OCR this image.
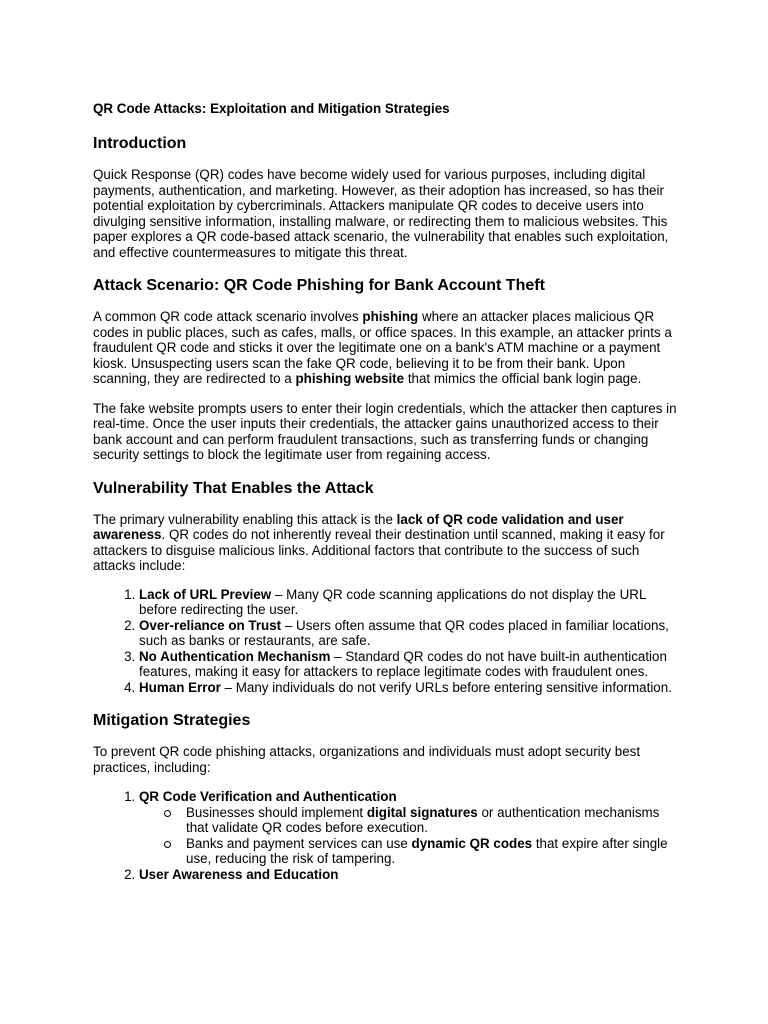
QR Code Attacks: Exploitation and Mitigation Strategies
Introduction

Quick Response (QR) codes have become widely used for various purposes, including digital payments, authentication, and marketing. However, as their adoption has increased, so has their potential exploitation by cybercriminals. Attackers manipulate QR codes to deceive users into divulging sensitive information, installing malware, or redirecting them to malicious websites. This paper explores a QR code-based attack scenario, the vulnerability that enables such exploitation, and effective countermeasures to mitigate this threat.

Attack Scenario: QR Code Phishing for Bank Account Theft

A common QR code attack scenario involves phishing where an attacker places malicious QR codes in public places, such as cafes, malls, or office spaces. In this example, an attacker prints a fraudulent QR code and sticks it over the legitimate one on a bank's ATM machine or a payment kiosk. Unsuspecting users scan the fake QR code, believing it to be from their bank. Upon scanning, they are redirected to a phishing website that mimics the official bank login page.

The fake website prompts users to enter their login credentials, which the attacker then captures in real-time. Once the user inputs their credentials, the attacker gains unauthorized access to their bank account and can perform fraudulent transactions, such as transferring funds or changing security settings to block the legitimate user from regaining access.

Vulnerability That Enables the Attack

The primary vulnerability enabling this attack is the lack of QR code validation and user awareness. QR codes do not inherently reveal their destination until scanned, making it easy for attackers to disguise malicious links. Additional factors that contribute to the success of such attacks include:

1. Lack of URL Preview – Many QR code scanning applications do not display the URL before redirecting the user.
2. Over-reliance on Trust – Users often assume that QR codes placed in familiar locations, such as banks or restaurants, are safe.
3. No Authentication Mechanism – Standard QR codes do not have built-in authentication features, making it easy for attackers to replace legitimate codes with fraudulent ones.
4. Human Error – Many individuals do not verify URLs before entering sensitive information.
Mitigation Strategies

To prevent QR code phishing attacks, organizations and individuals must adopt security best practices, including:

1. QR Code Verification and Authentication
Businesses should implement digital signatures or authentication mechanisms that validate QR codes before execution.
Banks and payment services can use dynamic QR codes that expire after single use, reducing the risk of tampering.
2. User Awareness and Education
